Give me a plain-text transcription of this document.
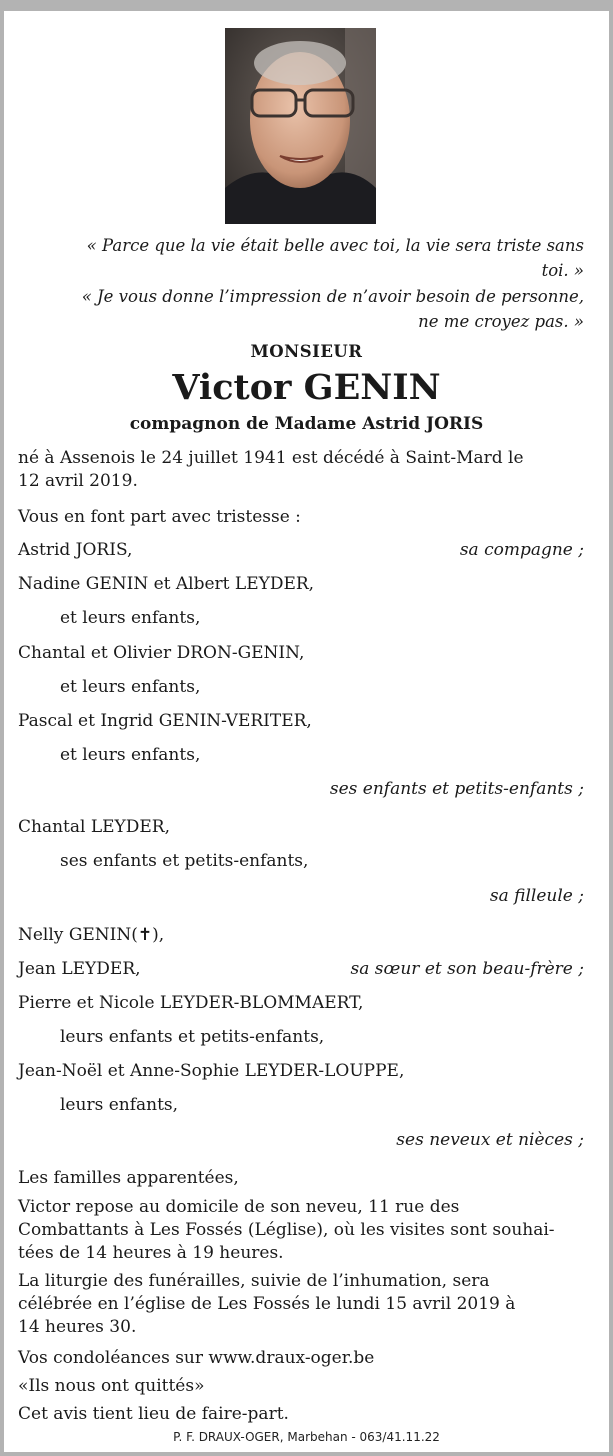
« Parce que la vie était belle avec toi, la vie sera triste sans
toi. »
« Je vous donne l’impression de n’avoir besoin de personne,
ne me croyez pas. »
MONSIEUR
Victor GENIN
compagnon de Madame Astrid JORIS
né à Assenois le 24 juillet 1941 est décédé à Saint-Mard le
12 avril 2019.
Vous en font part avec tristesse :
Astrid JORIS,	sa compagne ;
Nadine GENIN et Albert LEYDER,
et leurs enfants,
Chantal et Olivier DRON-GENIN,
et leurs enfants,
Pascal et Ingrid GENIN-VERITER,
et leurs enfants,
ses enfants et petits-enfants ;
Chantal LEYDER,
ses enfants et petits-enfants,
sa filleule ;
Nelly GENIN(✝),
Jean LEYDER,	sa sœur et son beau-frère ;
Pierre et Nicole LEYDER-BLOMMAERT,
leurs enfants et petits-enfants,
Jean-Noël et Anne-Sophie LEYDER-LOUPPE,
leurs enfants,
ses neveux et nièces ;
Les familles apparentées,
Victor repose au domicile de son neveu, 11 rue des
Combattants à Les Fossés (Léglise), où les visites sont souhai-
tées de 14 heures à 19 heures.
La liturgie des funérailles, suivie de l’inhumation, sera
célébrée en l’église de Les Fossés le lundi 15 avril 2019 à
14 heures 30.
Vos condoléances sur www.draux-oger.be
«Ils nous ont quittés»
Cet avis tient lieu de faire-part.
P. F. DRAUX-OGER, Marbehan - 063/41.11.22
